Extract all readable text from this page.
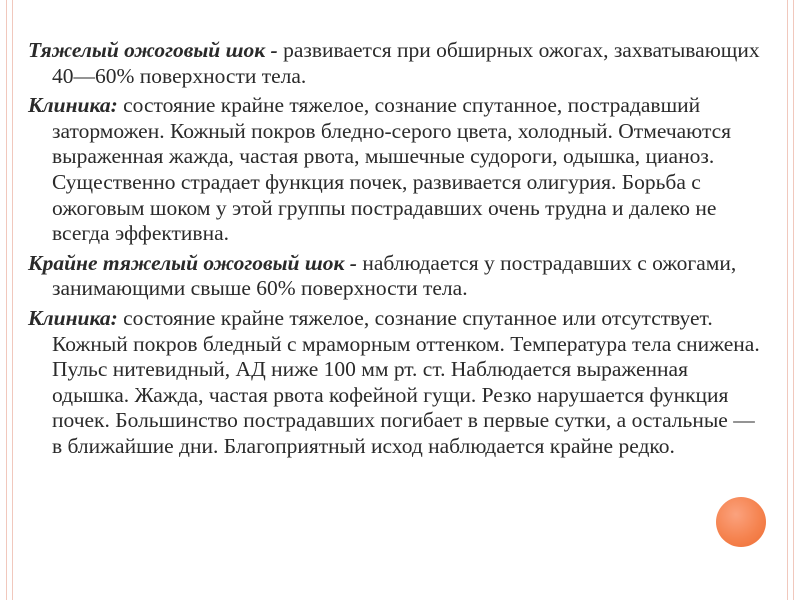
Тяжелый ожоговый шок - развивается при обширных ожогах, захватывающих 40—60% поверхности тела.

Клиника: состояние крайне тяжелое, сознание спутанное, пострадавший заторможен. Кожный покров бледно-серого цвета, холодный. Отмечаются выраженная жажда, частая рвота, мышечные судороги, одышка, цианоз. Существенно страдает функция почек, развивается олигурия. Борьба с ожоговым шоком у этой группы пострадавших очень трудна и далеко не всегда эффективна.

Крайне тяжелый ожоговый шок - наблюдается у пострадавших с ожогами, занимающими свыше 60% поверхности тела.

Клиника: состояние крайне тяжелое, сознание спутанное или отсутствует. Кожный покров бледный с мраморным оттенком. Температура тела снижена. Пульс нитевидный, АД ниже 100 мм рт. ст. Наблюдается выраженная одышка. Жажда, частая рвота кофейной гущи. Резко нарушается функция почек. Большинство пострадавших погибает в первые сутки, а остальные — в ближайшие дни. Благоприятный исход наблюдается крайне редко.
